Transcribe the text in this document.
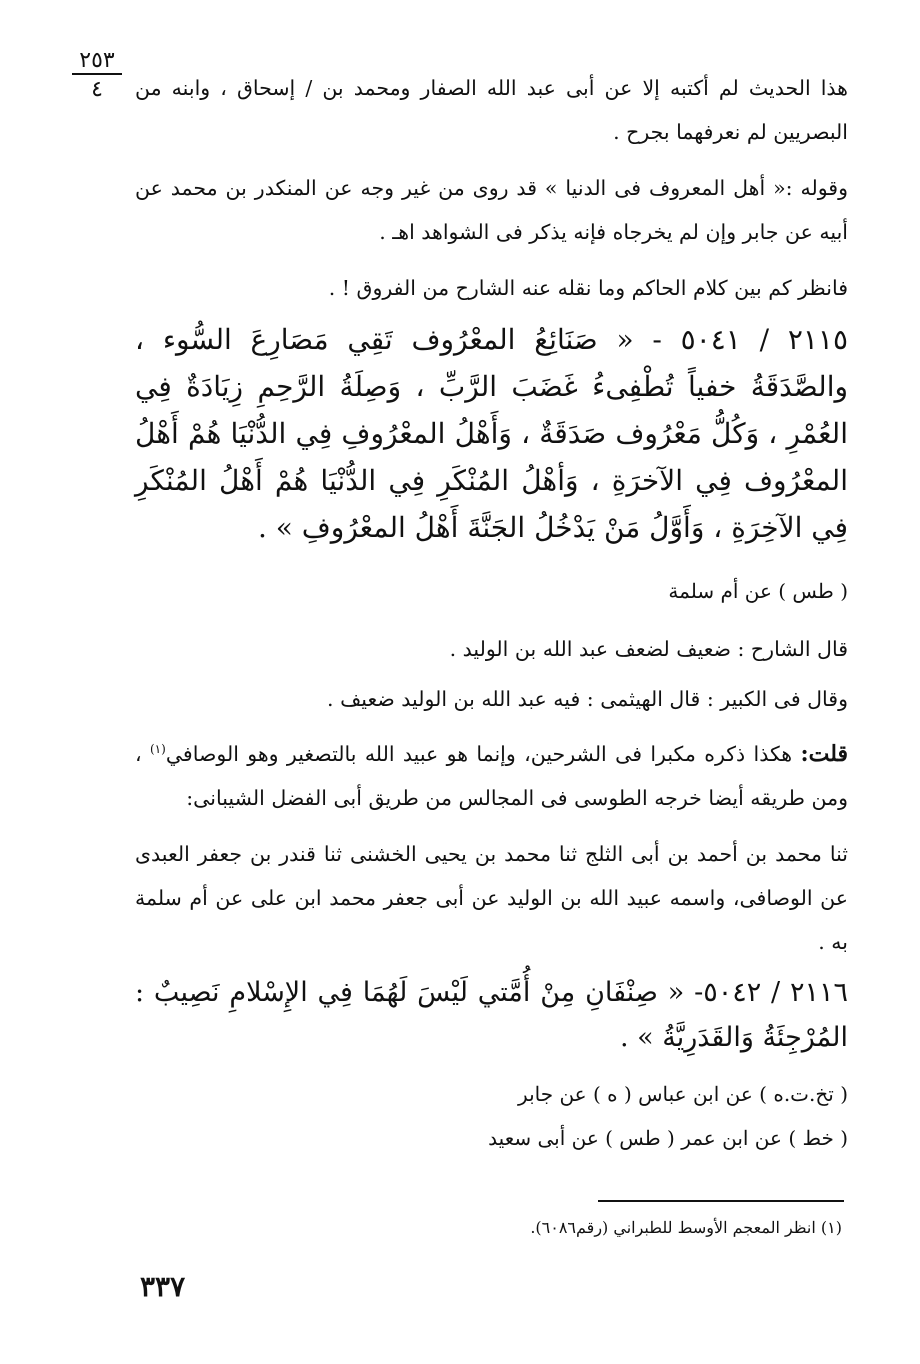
٢٥٣
٤	هذا الحديث لم أكتبه إلا عن أبى عبد الله الصفار ومحمد بن / إسحاق ، وابنه من البصريين لم نعرفهما بجرح .

وقوله :« أهل المعروف فى الدنيا » قد روى من غير وجه عن المنكدر بن محمد عن أبيه عن جابر وإن لم يخرجاه فإنه يذكر فى الشواهد اهـ .

فانظر كم بين كلام الحاكم وما نقله عنه الشارح من الفروق ! .

٢١١٥ / ٥٠٤١ - « صَنَائِعُ المعْرُوف تَقِي مَصَارِعَ السُّوء ، والصَّدَقَةُ خفياً تُطْفِىءُ غَضَبَ الرَّبِّ ، وَصِلَةُ الرَّحِمِ زِيَادَةٌ فِي العُمْرِ ، وَكُلُّ مَعْرُوف صَدَقَةٌ ، وَأَهْلُ المعْرُوفِ فِي الدُّنْيَا هُمْ أَهْلُ المعْرُوف فِي الآخرَةِ ، وَأهْلُ المُنْكَرِ فِي الدُّنْيَا هُمْ أَهْلُ المُنْكَرِ فِي الآخِرَةِ ، وَأَوَّلُ مَنْ يَدْخُلُ الجَنَّةَ أَهْلُ المعْرُوفِ » .

( طس ) عن أم سلمة

قال الشارح : ضعيف لضعف عبد الله بن الوليد .

وقال فى الكبير : قال الهيثمى : فيه عبد الله بن الوليد ضعيف .

قلت: هكذا ذكره مكبرا فى الشرحين، وإنما هو عبيد الله بالتصغير وهو الوصافي$^{(١)}$ ، ومن طريقه أيضا خرجه الطوسى فى المجالس من طريق أبى الفضل الشيبانى:

ثنا محمد بن أحمد بن أبى الثلج ثنا محمد بن يحيى الخشنى ثنا قندر بن جعفر العبدى عن الوصافى، واسمه عبيد الله بن الوليد عن أبى جعفر محمد ابن على عن أم سلمة به .

٢١١٦ / ٥٠٤٢- « صِنْفَانِ مِنْ أُمَّتي لَيْسَ لَهُمَا فِي الإِسْلامِ نَصِيبٌ : المُرْجِئَةُ وَالقَدَرِيَّةُ » .

( تخ.ت.ه ) عن ابن عباس ( ه ) عن جابر

( خط ) عن ابن عمر ( طس ) عن أبى سعيد

(١) انظر المعجم الأوسط للطبراني (رقم٦٠٨٦).
٣٣٧
